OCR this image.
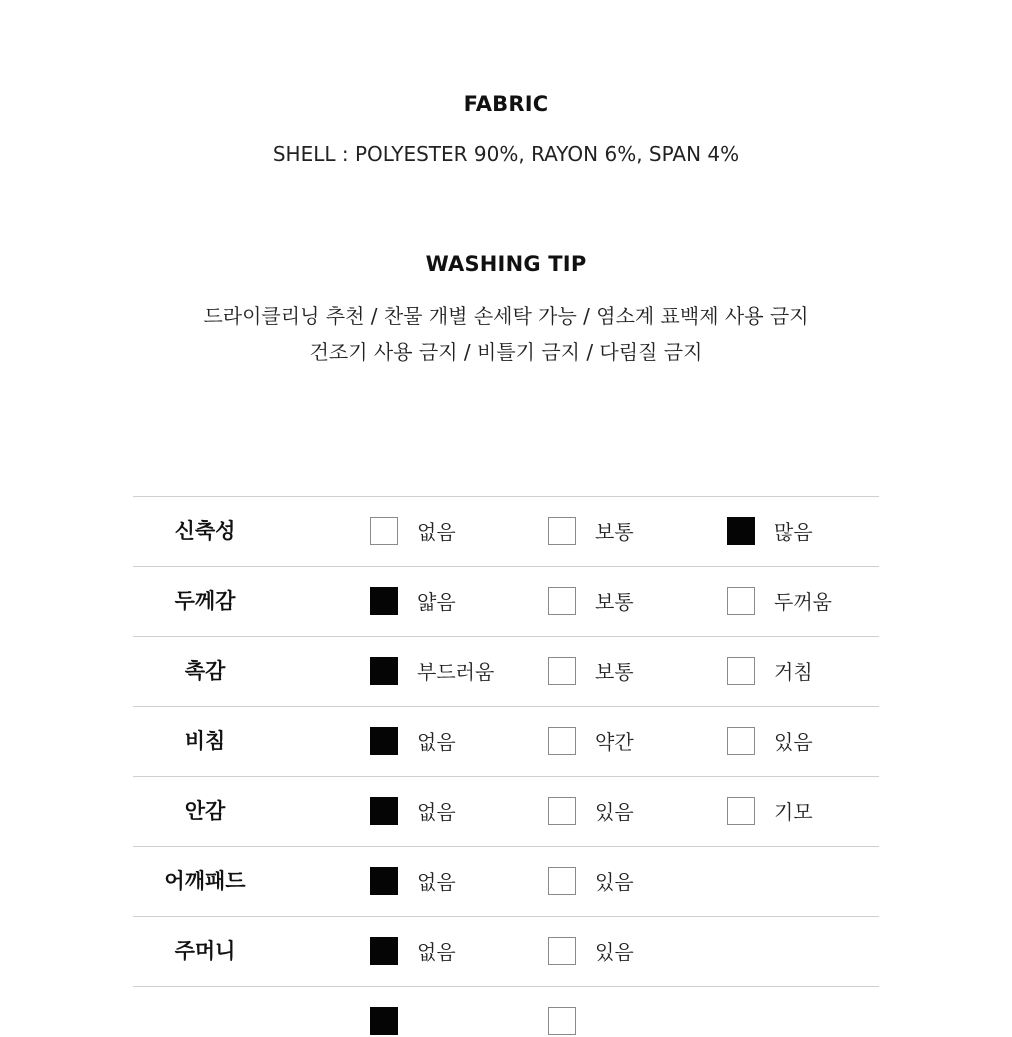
FABRIC
SHELL : POLYESTER 90%, RAYON 6%, SPAN 4%
WASHING TIP
드라이클리닝 추천 / 찬물 개별 손세탁 가능 / 염소계 표백제 사용 금지
건조기 사용 금지 / 비틀기 금지 / 다림질 금지
신축성	없음	보통	많음
두께감	얇음	보통	두꺼움
촉감	부드러움	보통	거침
비침	없음	약간	있음
안감	없음	있음	기모
어깨패드	없음	있음
주머니	없음	있음
